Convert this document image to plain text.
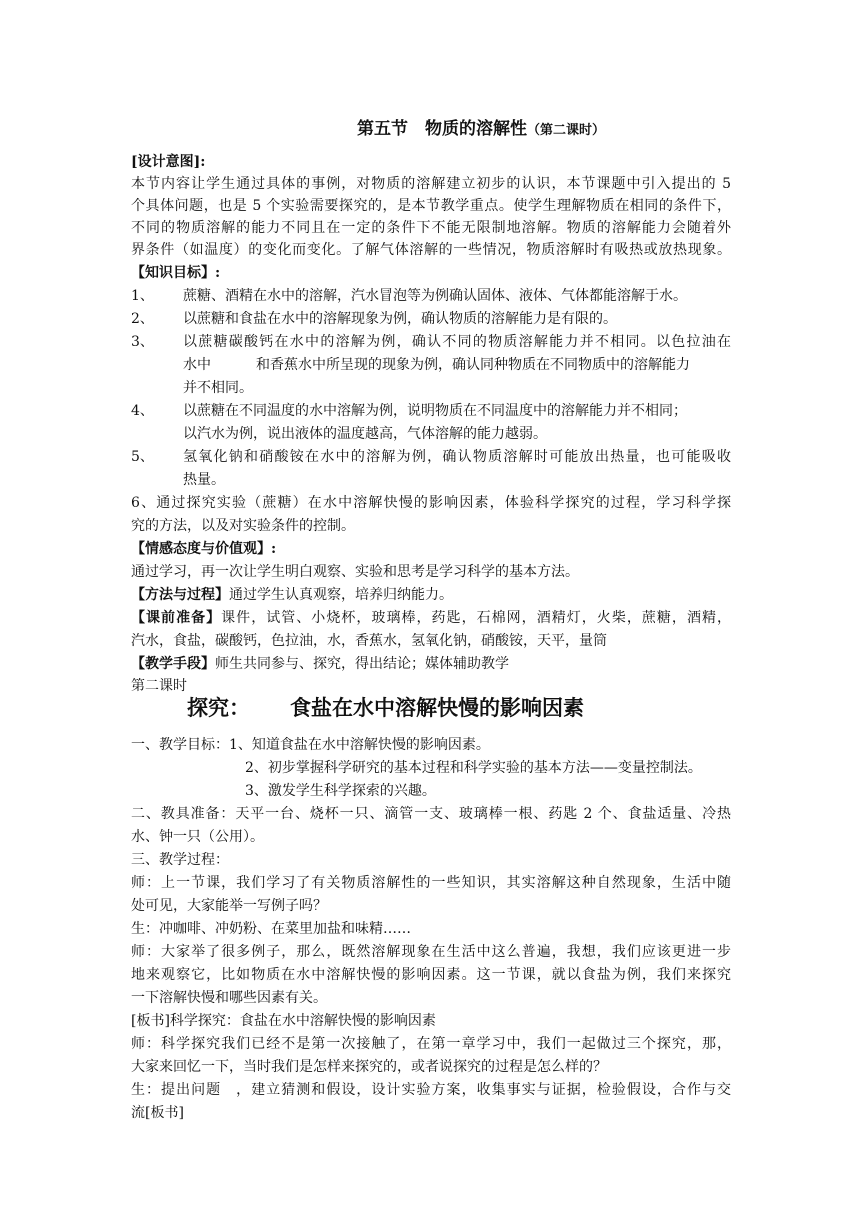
第五节　物质的溶解性（第二课时）
[设计意图]:
本节内容让学生通过具体的事例，对物质的溶解建立初步的认识，本节课题中引入提出的 5
个具体问题，也是 5 个实验需要探究的，是本节教学重点。使学生理解物质在相同的条件下，
不同的物质溶解的能力不同且在一定的条件下不能无限制地溶解。物质的溶解能力会随着外
界条件（如温度）的变化而变化。了解气体溶解的一些情况，物质溶解时有吸热或放热现象。
【知识目标】:
1、 蔗糖、酒精在水中的溶解，汽水冒泡等为例确认固体、液体、气体都能溶解于水。
2、 以蔗糖和食盐在水中的溶解现象为例，确认物质的溶解能力是有限的。
3、 以蔗糖碳酸钙在水中的溶解为例，确认不同的物质溶解能力并不相同。以色拉油在
水中	和香蕉水中所呈现的现象为例，确认同种物质在不同物质中的溶解能力
并不相同。
4、 以蔗糖在不同温度的水中溶解为例，说明物质在不同温度中的溶解能力并不相同；
以汽水为例，说出液体的温度越高，气体溶解的能力越弱。
5、 氢氧化钠和硝酸铵在水中的溶解为例，确认物质溶解时可能放出热量，也可能吸收
热量。
6、通过探究实验（蔗糖）在水中溶解快慢的影响因素，体验科学探究的过程，学习科学探
究的方法，以及对实验条件的控制。
【情感态度与价值观】:
通过学习，再一次让学生明白观察、实验和思考是学习科学的基本方法。
【方法与过程】通过学生认真观察，培养归纳能力。
【课前准备】课件，试管、小烧杯，玻璃棒，药匙，石棉网，酒精灯，火柴，蔗糖，酒精，
汽水，食盐，碳酸钙，色拉油，水，香蕉水，氢氧化钠，硝酸铵，天平，量筒
【教学手段】师生共同参与、探究，得出结论；媒体辅助教学
第二课时
探究： 食盐在水中溶解快慢的影响因素
一、教学目标：1、知道食盐在水中溶解快慢的影响因素。
2、初步掌握科学研究的基本过程和科学实验的基本方法——变量控制法。
3、激发学生科学探索的兴趣。
二、教具准备：天平一台、烧杯一只、滴管一支、玻璃棒一根、药匙 2 个、食盐适量、冷热
水、钟一只（公用）。
三、教学过程：
师：上一节课，我们学习了有关物质溶解性的一些知识，其实溶解这种自然现象，生活中随
处可见，大家能举一写例子吗？
生：冲咖啡、冲奶粉、在菜里加盐和味精……
师：大家举了很多例子，那么，既然溶解现象在生活中这么普遍，我想，我们应该更进一步
地来观察它，比如物质在水中溶解快慢的影响因素。这一节课，就以食盐为例，我们来探究
一下溶解快慢和哪些因素有关。
[板书]科学探究：食盐在水中溶解快慢的影响因素
师：科学探究我们已经不是第一次接触了，在第一章学习中，我们一起做过三个探究，那，
大家来回忆一下，当时我们是怎样来探究的，或者说探究的过程是怎么样的？
生：提出问题　，建立猜测和假设，设计实验方案，收集事实与证据，检验假设，合作与交
流[板书]
